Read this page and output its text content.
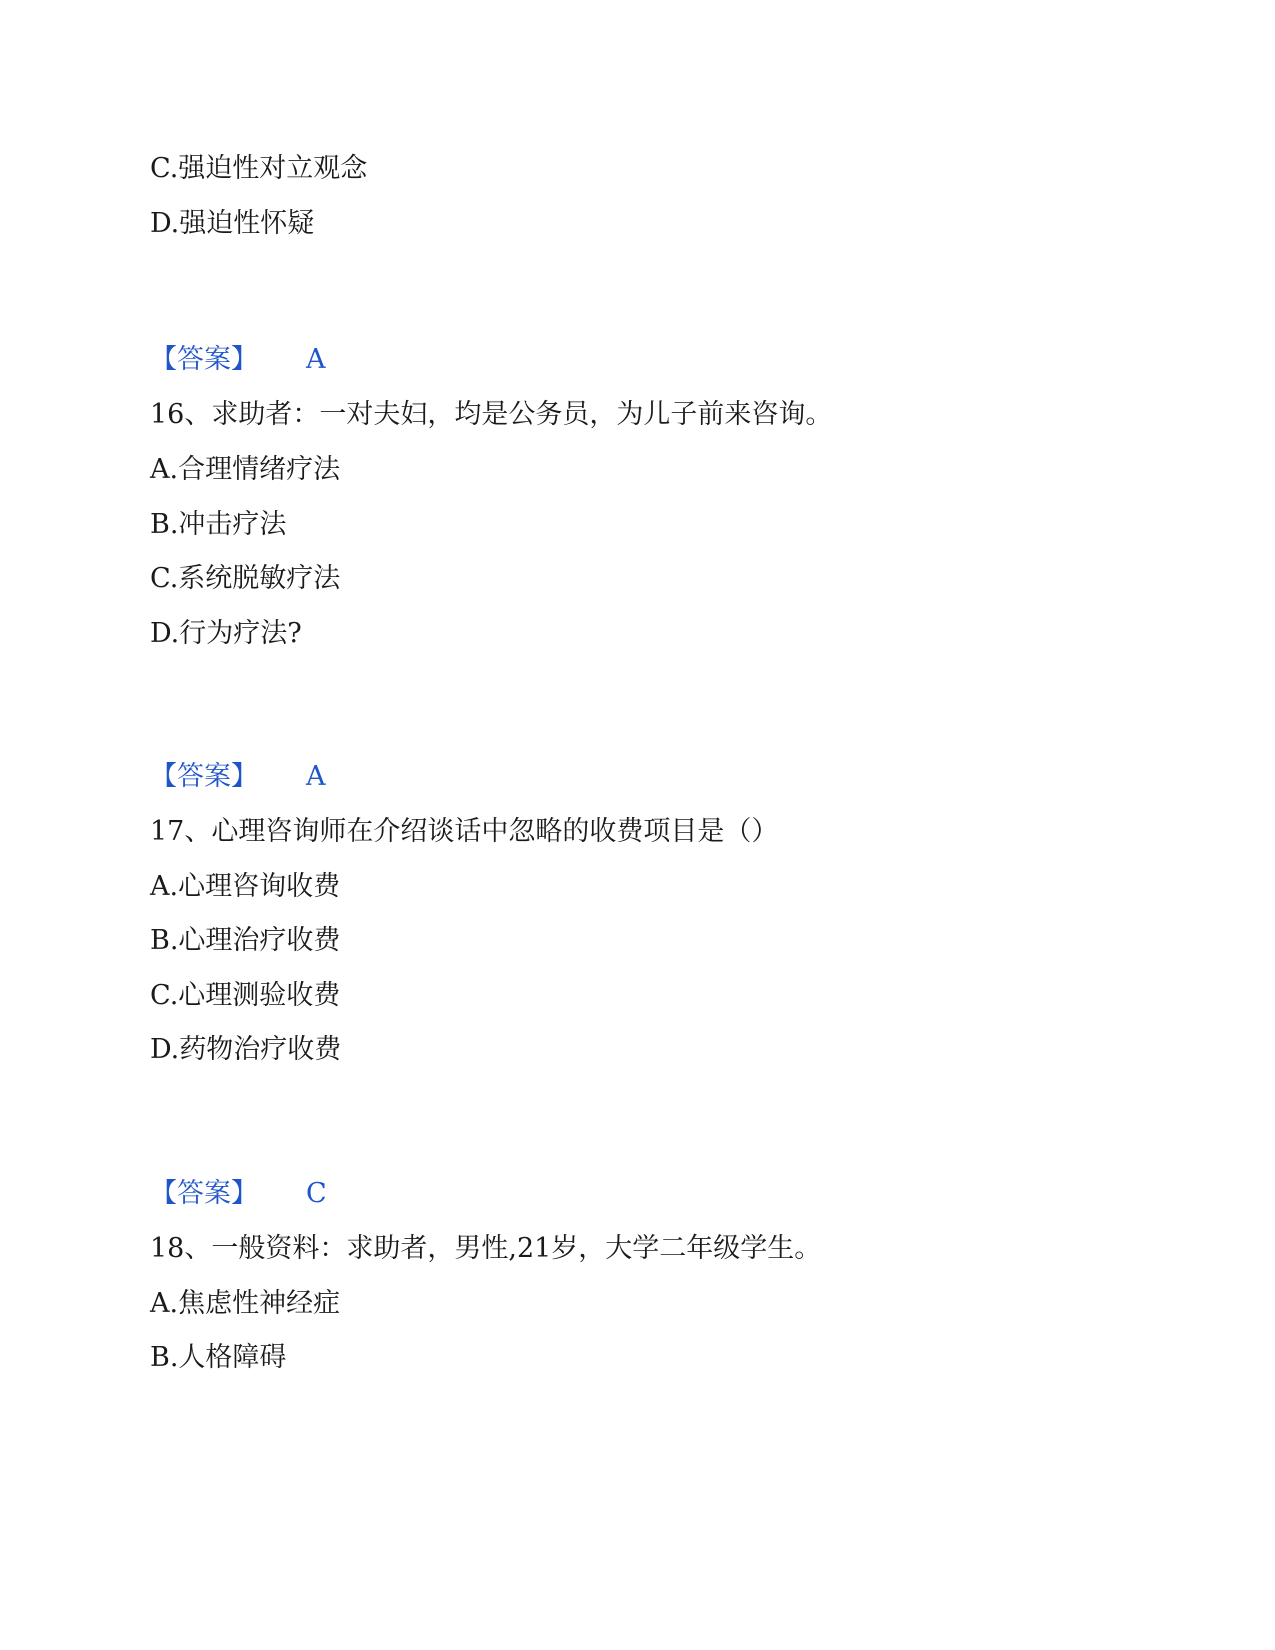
C.强迫性对立观念
D.强迫性怀疑
【答案】 A
16、求助者：一对夫妇，均是公务员，为儿子前来咨询。
A.合理情绪疗法
B.冲击疗法
C.系统脱敏疗法
D.行为疗法?
【答案】 A
17、心理咨询师在介绍谈话中忽略的收费项目是（）
A.心理咨询收费
B.心理治疗收费
C.心理测验收费
D.药物治疗收费
【答案】 C
18、一般资料：求助者，男性,21岁，大学二年级学生。
A.焦虑性神经症
B.人格障碍
